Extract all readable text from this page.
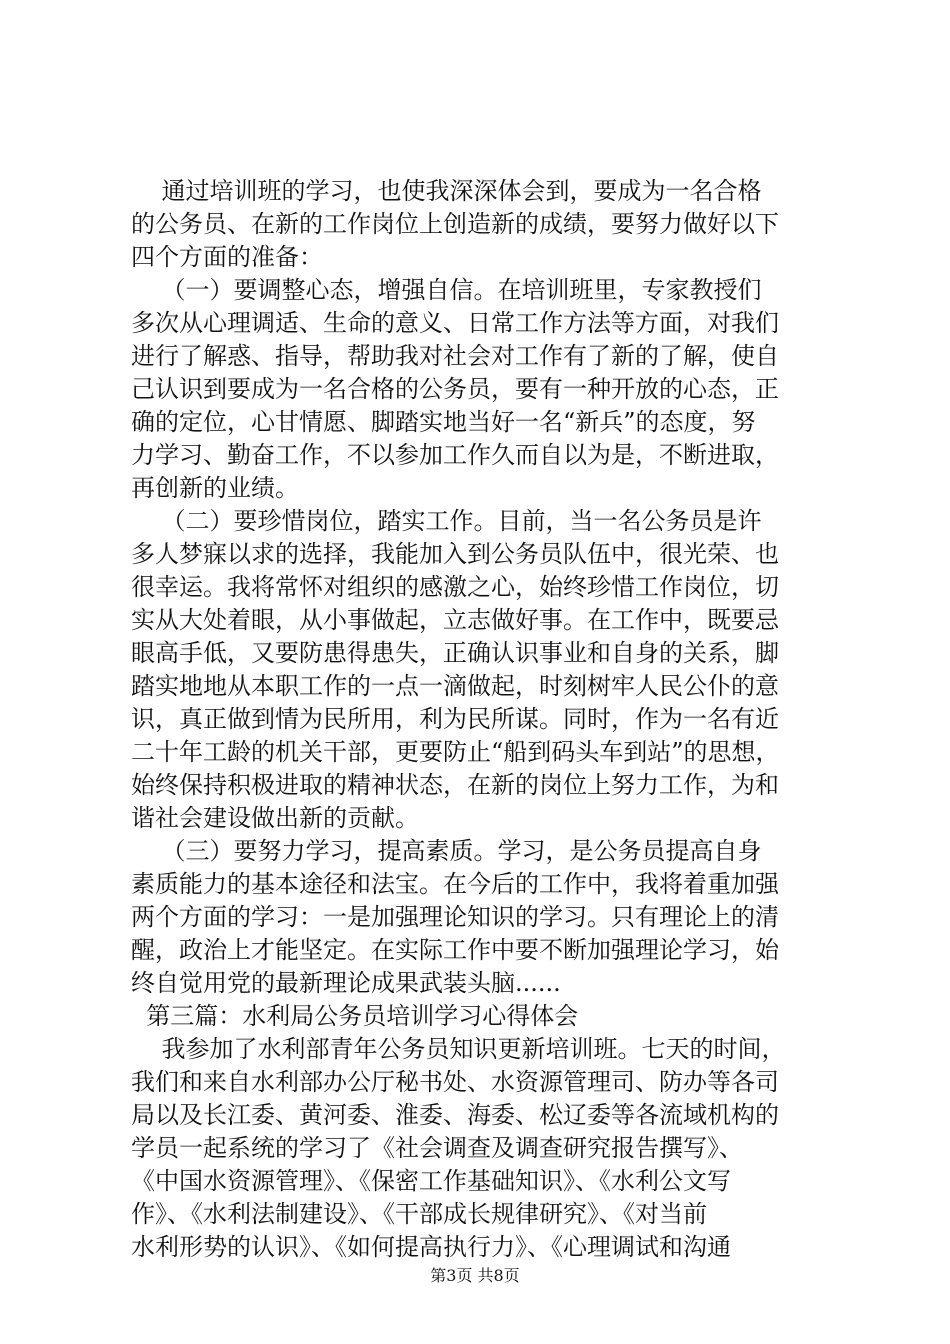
通过培训班的学习，也使我深深体会到，要成为一名合格
的公务员、在新的工作岗位上创造新的成绩，要努力做好以下
四个方面的准备：
（一）要调整心态，增强自信。在培训班里，专家教授们
多次从心理调适、生命的意义、日常工作方法等方面，对我们
进行了解惑、指导，帮助我对社会对工作有了新的了解，使自
己认识到要成为一名合格的公务员，要有一种开放的心态，正
确的定位，心甘情愿、脚踏实地当好一名“新兵”的态度，努
力学习、勤奋工作，不以参加工作久而自以为是，不断进取，
再创新的业绩。
（二）要珍惜岗位，踏实工作。目前，当一名公务员是许
多人梦寐以求的选择，我能加入到公务员队伍中，很光荣、也
很幸运。我将常怀对组织的感激之心，始终珍惜工作岗位，切
实从大处着眼，从小事做起，立志做好事。在工作中，既要忌
眼高手低，又要防患得患失，正确认识事业和自身的关系，脚
踏实地地从本职工作的一点一滴做起，时刻树牢人民公仆的意
识，真正做到情为民所用，利为民所谋。同时，作为一名有近
二十年工龄的机关干部，更要防止“船到码头车到站”的思想，
始终保持积极进取的精神状态，在新的岗位上努力工作，为和
谐社会建设做出新的贡献。
（三）要努力学习，提高素质。学习，是公务员提高自身
素质能力的基本途径和法宝。在今后的工作中，我将着重加强
两个方面的学习：一是加强理论知识的学习。只有理论上的清
醒，政治上才能坚定。在实际工作中要不断加强理论学习，始
终自觉用党的最新理论成果武装头脑......
第三篇：水利局公务员培训学习心得体会
我参加了水利部青年公务员知识更新培训班。七天的时间，
我们和来自水利部办公厅秘书处、水资源管理司、防办等各司
局以及长江委、黄河委、淮委、海委、松辽委等各流域机构的
学员一起系统的学习了《社会调查及调查研究报告撰写》、
《中国水资源管理》、《保密工作基础知识》、《水利公文写
作》、《水利法制建设》、《干部成长规律研究》、《对当前
水利形势的认识》、《如何提高执行力》、《心理调试和沟通
第3页 共8页
